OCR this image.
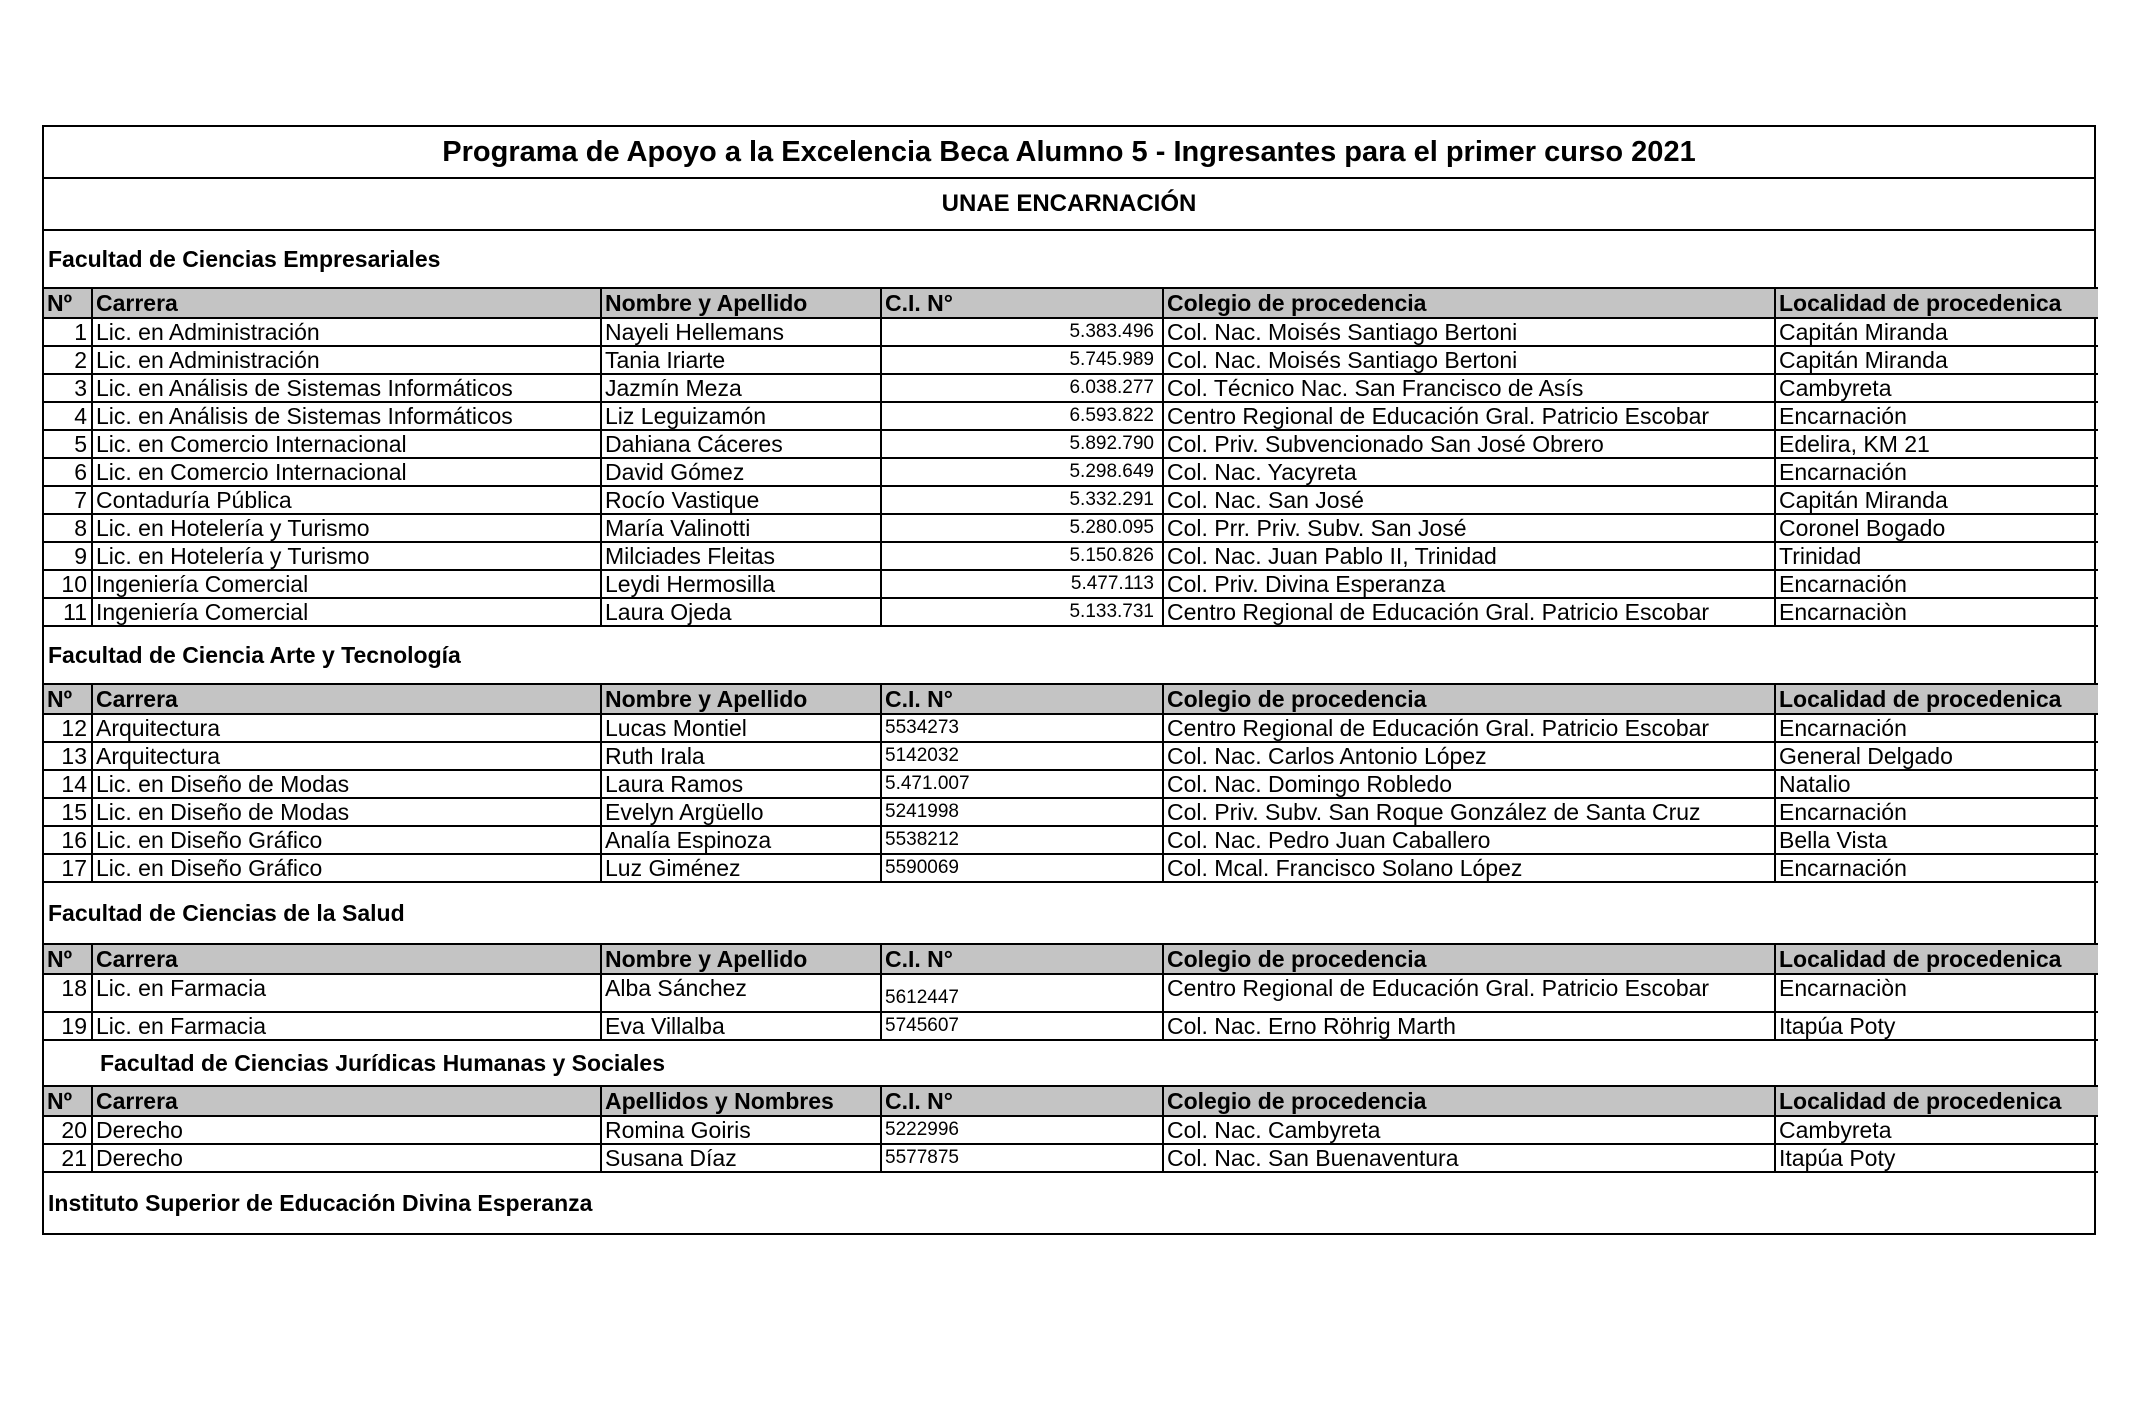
Programa de Apoyo a la Excelencia Beca Alumno 5 - Ingresantes para el primer curso 2021
UNAE ENCARNACIÓN
Facultad de Ciencias Empresariales
Nº	Carrera	Nombre y Apellido	C.I. N°	Colegio de procedencia	Localidad de procedenica
1	Lic. en Administración	Nayeli Hellemans	5.383.496	Col. Nac. Moisés Santiago Bertoni	Capitán Miranda
2	Lic. en Administración	Tania Iriarte	5.745.989	Col. Nac. Moisés Santiago Bertoni	Capitán Miranda
3	Lic. en Análisis de Sistemas Informáticos	Jazmín Meza	6.038.277	Col. Técnico Nac. San Francisco de Asís	Cambyreta
4	Lic. en Análisis de Sistemas Informáticos	Liz Leguizamón	6.593.822	Centro Regional de Educación Gral. Patricio Escobar	Encarnación
5	Lic. en Comercio Internacional	Dahiana Cáceres	5.892.790	Col. Priv. Subvencionado San José Obrero	Edelira, KM 21
6	Lic. en Comercio Internacional	David Gómez	5.298.649	Col. Nac. Yacyreta	Encarnación
7	Contaduría Pública	Rocío Vastique	5.332.291	Col. Nac. San José	Capitán Miranda
8	Lic. en Hotelería y Turismo	María Valinotti	5.280.095	Col. Prr. Priv. Subv. San José	Coronel Bogado
9	Lic. en Hotelería y Turismo	Milciades Fleitas	5.150.826	Col. Nac. Juan Pablo II, Trinidad	Trinidad
10	Ingeniería Comercial	Leydi Hermosilla	5.477.113	Col. Priv. Divina Esperanza	Encarnación
11	Ingeniería Comercial	Laura Ojeda	5.133.731	Centro Regional de Educación Gral. Patricio Escobar	Encarnaciòn
Facultad de Ciencia Arte y Tecnología
Nº	Carrera	Nombre y Apellido	C.I. N°	Colegio de procedencia	Localidad de procedenica
12	Arquitectura	Lucas Montiel	5534273	Centro Regional de Educación Gral. Patricio Escobar	Encarnación
13	Arquitectura	Ruth Irala	5142032	Col. Nac. Carlos Antonio López	General Delgado
14	Lic. en Diseño de Modas	Laura Ramos	5.471.007	Col. Nac. Domingo Robledo	Natalio
15	Lic. en Diseño de Modas	Evelyn Argüello	5241998	Col. Priv. Subv. San Roque González de Santa Cruz	Encarnación
16	Lic. en Diseño Gráfico	Analía Espinoza	5538212	Col. Nac. Pedro Juan Caballero	Bella Vista
17	Lic. en Diseño Gráfico	Luz Giménez	5590069	Col. Mcal. Francisco Solano López	Encarnación
Facultad de Ciencias de la Salud
Nº	Carrera	Nombre y Apellido	C.I. N°	Colegio de procedencia	Localidad de procedenica
18	Lic. en Farmacia	Alba Sánchez	5612447	Centro Regional de Educación Gral. Patricio Escobar	Encarnaciòn
19	Lic. en Farmacia	Eva Villalba	5745607	Col. Nac. Erno Röhrig Marth	Itapúa Poty
Facultad de Ciencias Jurídicas Humanas y Sociales
Nº	Carrera	Apellidos y Nombres	C.I. N°	Colegio de procedencia	Localidad de procedenica
20	Derecho	Romina Goiris	5222996	Col. Nac. Cambyreta	Cambyreta
21	Derecho	Susana Díaz	5577875	Col. Nac. San Buenaventura	Itapúa Poty
Instituto Superior de Educación Divina Esperanza
